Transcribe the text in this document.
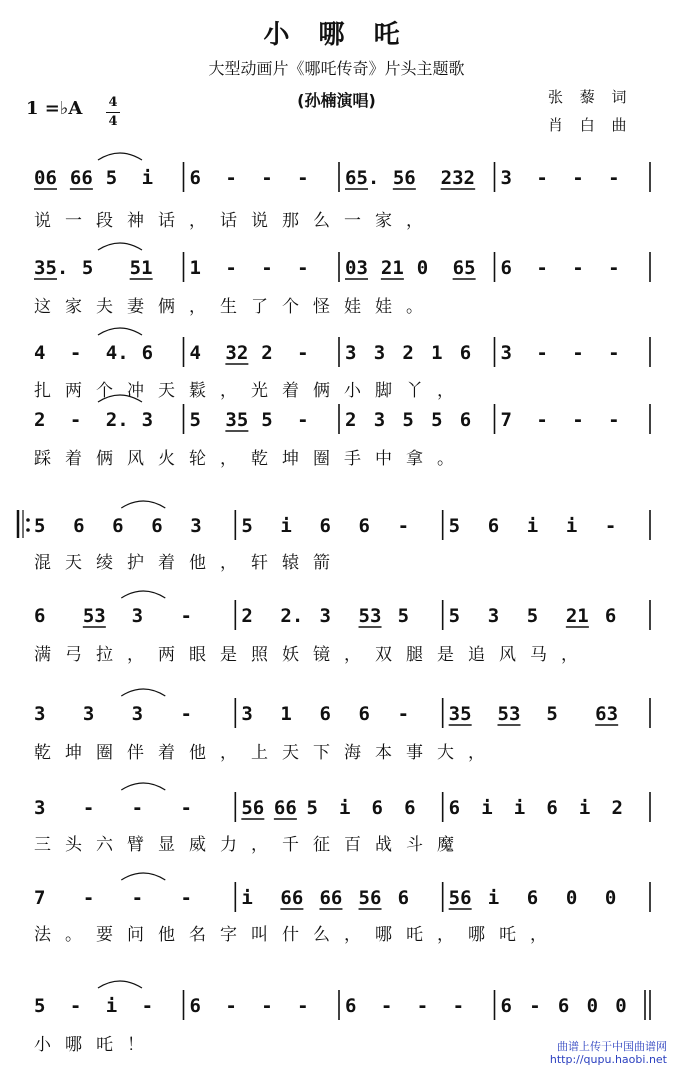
小 哪 吒
大型动画片《哪吒传奇》片头主题歌
(孙楠演唱)	张 藜 词
肖 白 曲
1 =♭A 4
4
06 66 5 i 6 - - - 65. 56 232 3 - - -
说一段神话，话说那么一家，
35. 5 51 1 - - - 03 21 0 65 6 - - -
这家夫妻俩，生了个怪娃娃。
4 - 4. 6 4 32 2 - 3 3 2 1 6 3 - - -
扎两个冲天鬏，光着俩小脚丫，
2 - 2. 3 5 35 5 - 2 3 5 5 6 7 - - -
踩着俩风火轮，乾坤圈手中拿。
5 6 6 6 3 5 i 6 6 - 5 6 i i -
混天绫护着他，轩辕箭
6 53 3 -	2 2. 3 53 5 5 3 5 21 6
满弓拉，两眼是照妖镜，双腿是追风马，
3 3 3 -	3 1 6 6 - 35 53 5 63
乾坤圈伴着他，上天下海本事大，
3 - - -	56 66 5 i 6 6 6 i i 6 i 2
三头六臂显威力，千征百战斗魔
7 - - -	i 66 66 56 6 56 i 6 0 0
法。要问他名字叫什么，哪吒，哪吒，
5 - i - 6 - - - 6 - - - 6 - 6 0 0
小哪吒！	曲谱上传于中国曲谱网
http://qupu.haobi.net
